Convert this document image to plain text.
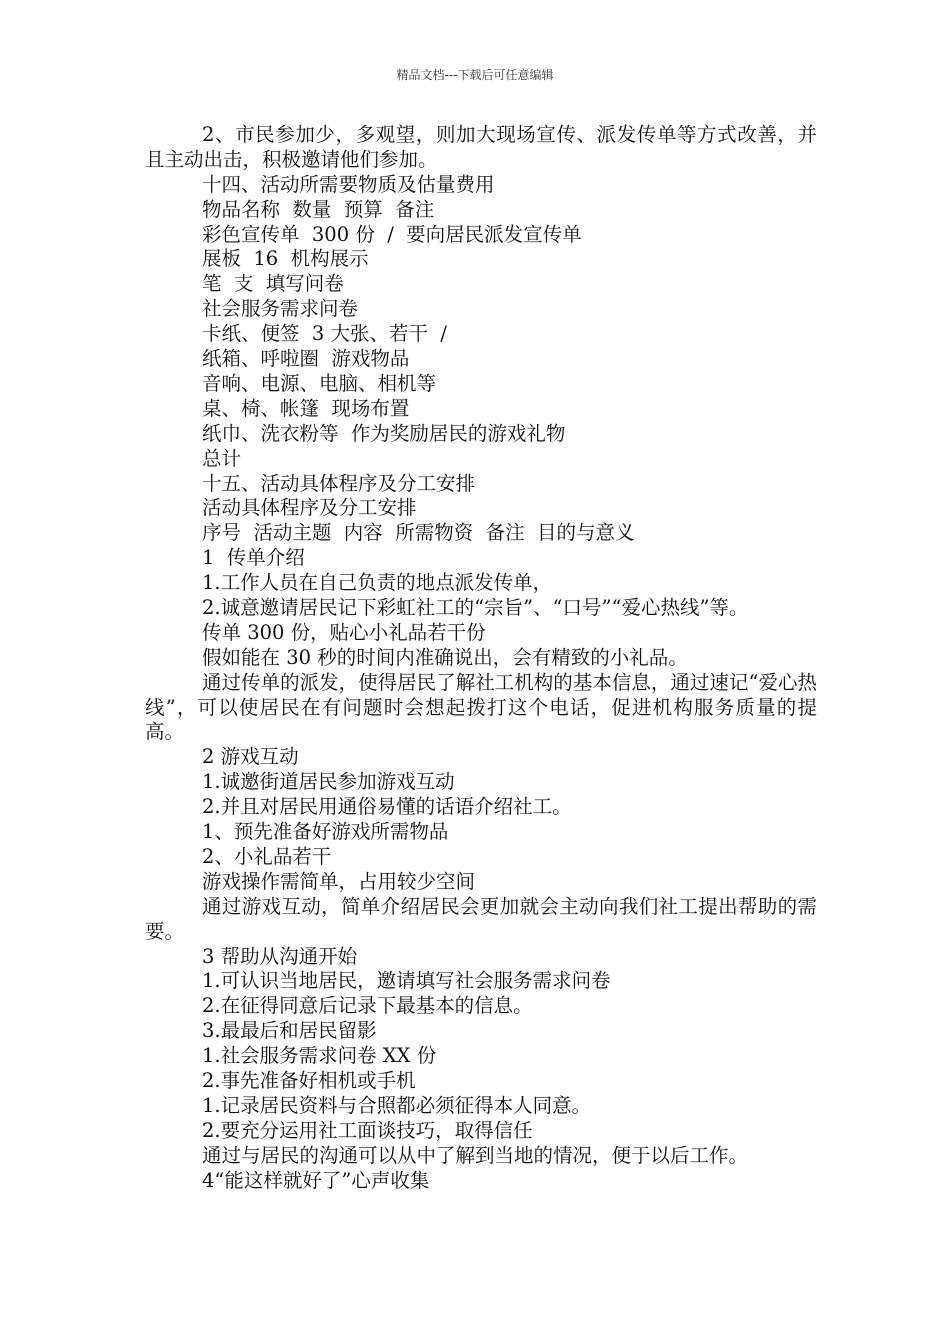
精品文档---下载后可任意编辑
2、市民参加少，多观望，则加大现场宣传、派发传单等方式改善，并且主动出击，积极邀请他们参加。
十四、活动所需要物质及估量费用
物品名称  数量  预算  备注
彩色宣传单  300 份  /  要向居民派发宣传单
展板  16  机构展示
笔  支  填写问卷
社会服务需求问卷
卡纸、便签  3 大张、若干  /
纸箱、呼啦圈  游戏物品
音响、电源、电脑、相机等
桌、椅、帐篷  现场布置
纸巾、洗衣粉等  作为奖励居民的游戏礼物
总计
十五、活动具体程序及分工安排
活动具体程序及分工安排
序号  活动主题  内容  所需物资  备注  目的与意义
1  传单介绍
1.工作人员在自己负责的地点派发传单，
2.诚意邀请居民记下彩虹社工的“宗旨”、“口号”“爱心热线”等。
传单 300 份，贴心小礼品若干份
假如能在 30 秒的时间内准确说出，会有精致的小礼品。
通过传单的派发，使得居民了解社工机构的基本信息，通过速记“爱心热线”，可以使居民在有问题时会想起拨打这个电话，促进机构服务质量的提高。
2 游戏互动
1.诚邀街道居民参加游戏互动
2.并且对居民用通俗易懂的话语介绍社工。
1、预先准备好游戏所需物品
2、小礼品若干
游戏操作需简单，占用较少空间
通过游戏互动，简单介绍居民会更加就会主动向我们社工提出帮助的需要。
3 帮助从沟通开始
1.可认识当地居民，邀请填写社会服务需求问卷
2.在征得同意后记录下最基本的信息。
3.最最后和居民留影
1.社会服务需求问卷 XX 份
2.事先准备好相机或手机
1.记录居民资料与合照都必须征得本人同意。
2.要充分运用社工面谈技巧，取得信任
通过与居民的沟通可以从中了解到当地的情况，便于以后工作。
4“能这样就好了”心声收集
